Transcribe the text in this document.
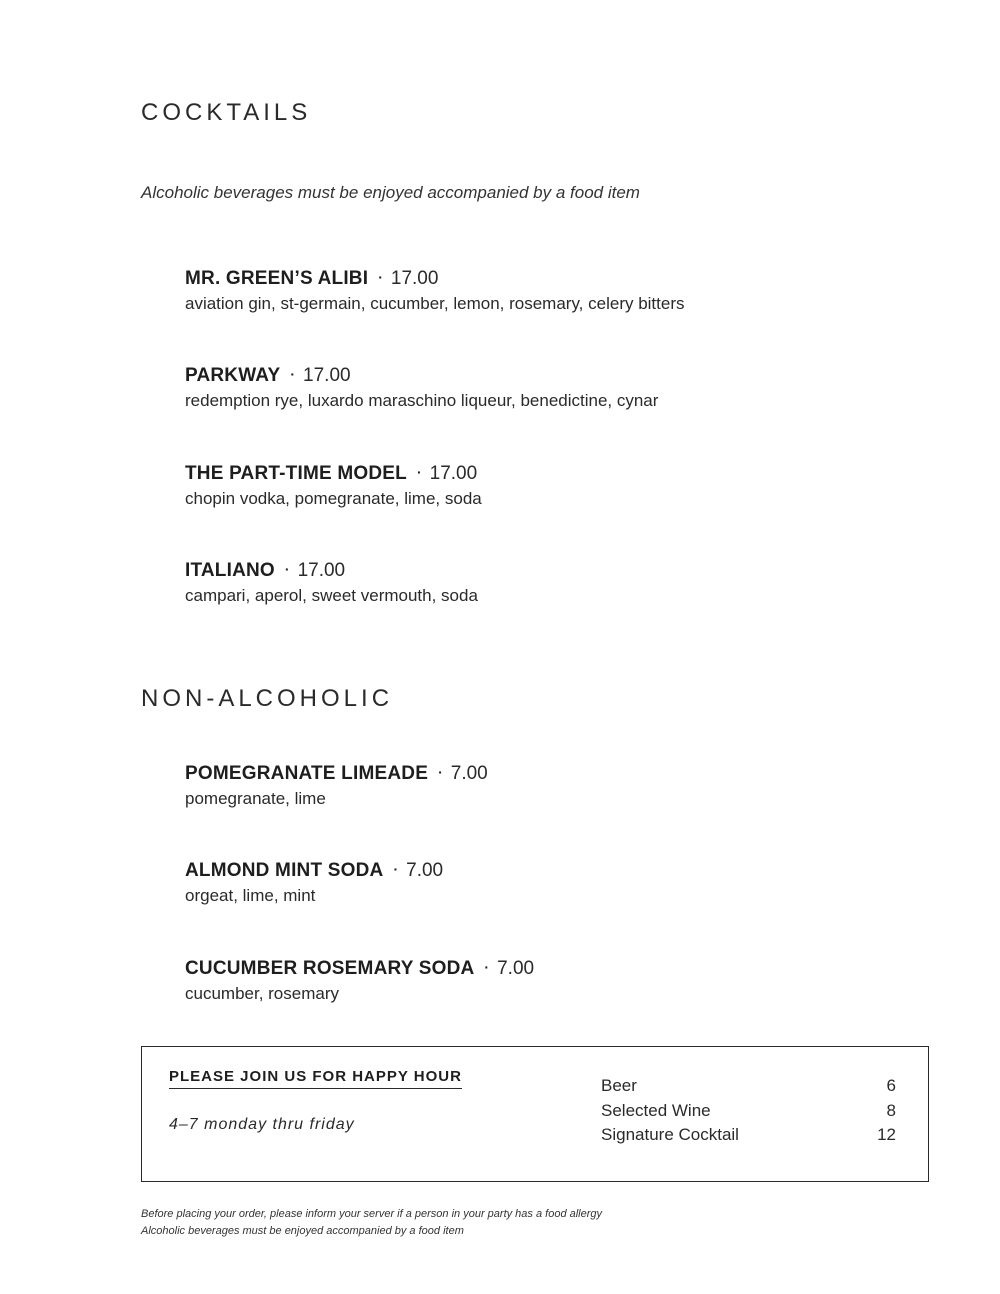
COCKTAILS
Alcoholic beverages must be enjoyed accompanied by a food item
MR. GREEN’S ALIBI · 17.00
aviation gin, st-germain, cucumber, lemon, rosemary, celery bitters
PARKWAY · 17.00
redemption rye, luxardo maraschino liqueur, benedictine, cynar
THE PART-TIME MODEL · 17.00
chopin vodka, pomegranate, lime, soda
ITALIANO · 17.00
campari, aperol, sweet vermouth, soda
NON-ALCOHOLIC
POMEGRANATE LIMEADE · 7.00
pomegranate, lime
ALMOND MINT SODA · 7.00
orgeat, lime, mint
CUCUMBER ROSEMARY SODA · 7.00
cucumber, rosemary
PLEASE JOIN US FOR HAPPY HOUR
4–7 monday thru friday
Beer	6
Selected Wine	8
Signature Cocktail	12
Before placing your order, please inform your server if a person in your party has a food allergy
Alcoholic beverages must be enjoyed accompanied by a food item
